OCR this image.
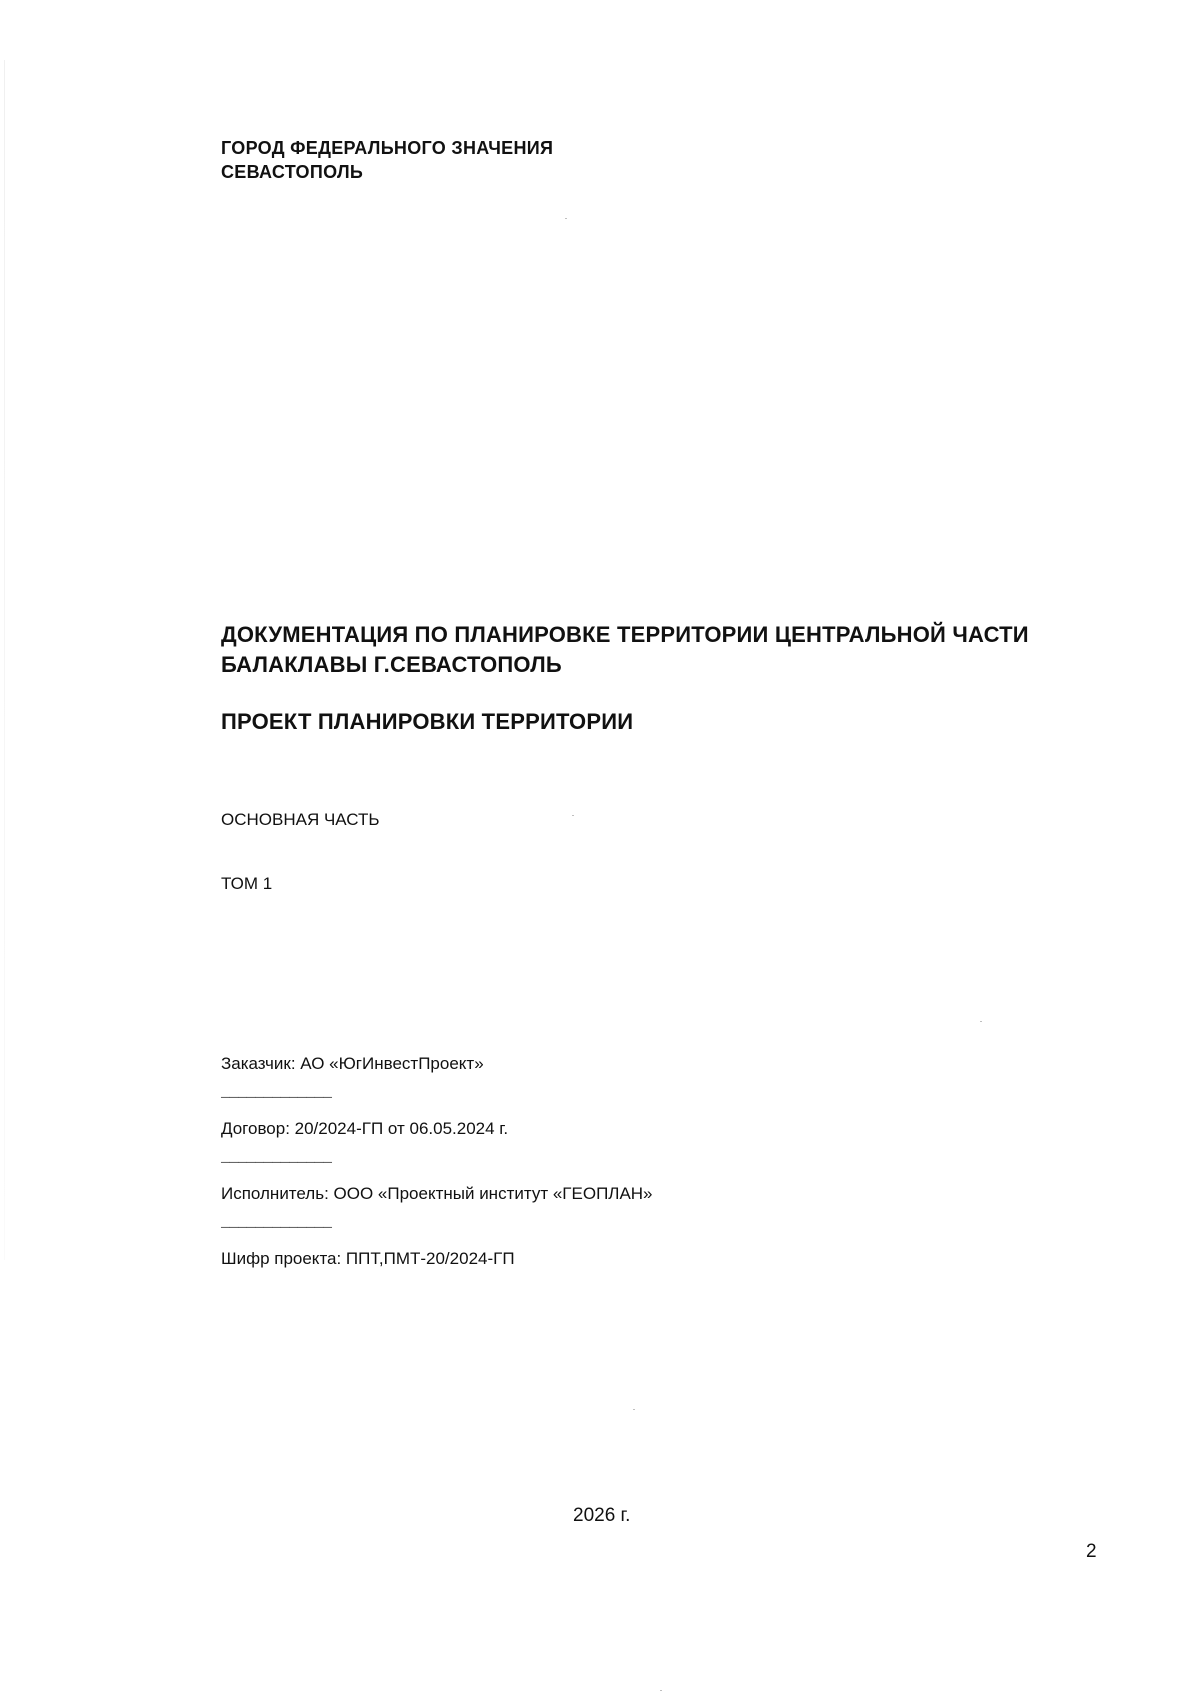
ГОРОД ФЕДЕРАЛЬНОГО ЗНАЧЕНИЯ
СЕВАСТОПОЛЬ
ДОКУМЕНТАЦИЯ ПО ПЛАНИРОВКЕ ТЕРРИТОРИИ ЦЕНТРАЛЬНОЙ ЧАСТИ
БАЛАКЛАВЫ Г.СЕВАСТОПОЛЬ
ПРОЕКТ ПЛАНИРОВКИ ТЕРРИТОРИИ
ОСНОВНАЯ ЧАСТЬ
ТОМ 1
Заказчик: АО «ЮгИнвестПроект»
_____________
Договор: 20/2024-ГП от 06.05.2024 г.
_____________
Исполнитель: ООО «Проектный институт «ГЕОПЛАН»
_____________
Шифр проекта: ППТ,ПМТ-20/2024-ГП
2026 г.
2
